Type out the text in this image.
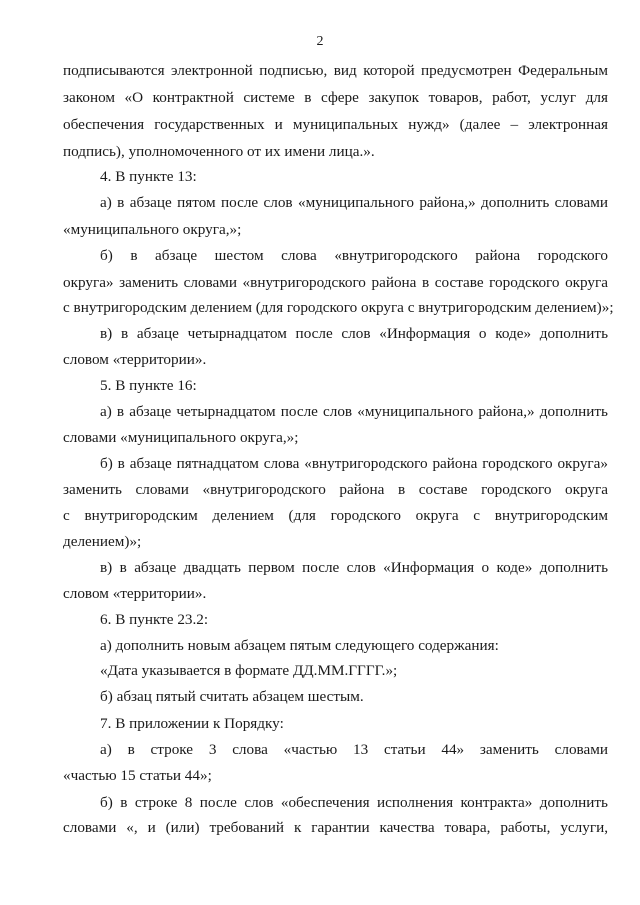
2
подписываются электронной подписью, вид которой предусмотрен Федеральным
законом «О контрактной системе в сфере закупок товаров, работ, услуг для
обеспечения государственных и муниципальных нужд» (далее – электронная
подпись), уполномоченного от их имени лица.».
4. В пункте 13:
а) в абзаце пятом после слов «муниципального района,» дополнить словами
«муниципального округа,»;
б) в абзаце шестом слова «внутригородского района городского
округа» заменить словами «внутригородского района в составе городского округа
с внутригородским делением (для городского округа с внутригородским делением)»;
в) в абзаце четырнадцатом после слов «Информация о коде» дополнить
словом «территории».
5. В пункте 16:
а) в абзаце четырнадцатом после слов «муниципального района,» дополнить
словами «муниципального округа,»;
б) в абзаце пятнадцатом слова «внутригородского района городского округа»
заменить словами «внутригородского района в составе городского округа
с внутригородским делением (для городского округа с внутригородским
делением)»;
в) в абзаце двадцать первом после слов «Информация о коде» дополнить
словом «территории».
6. В пункте 23.2:
а) дополнить новым абзацем пятым следующего содержания:
«Дата указывается в формате ДД.ММ.ГГГГ.»;
б) абзац пятый считать абзацем шестым.
7. В приложении к Порядку:
а) в строке 3 слова «частью 13 статьи 44» заменить словами
«частью 15 статьи 44»;
б) в строке 8 после слов «обеспечения исполнения контракта» дополнить
словами «, и (или) требований к гарантии качества товара, работы, услуги,
